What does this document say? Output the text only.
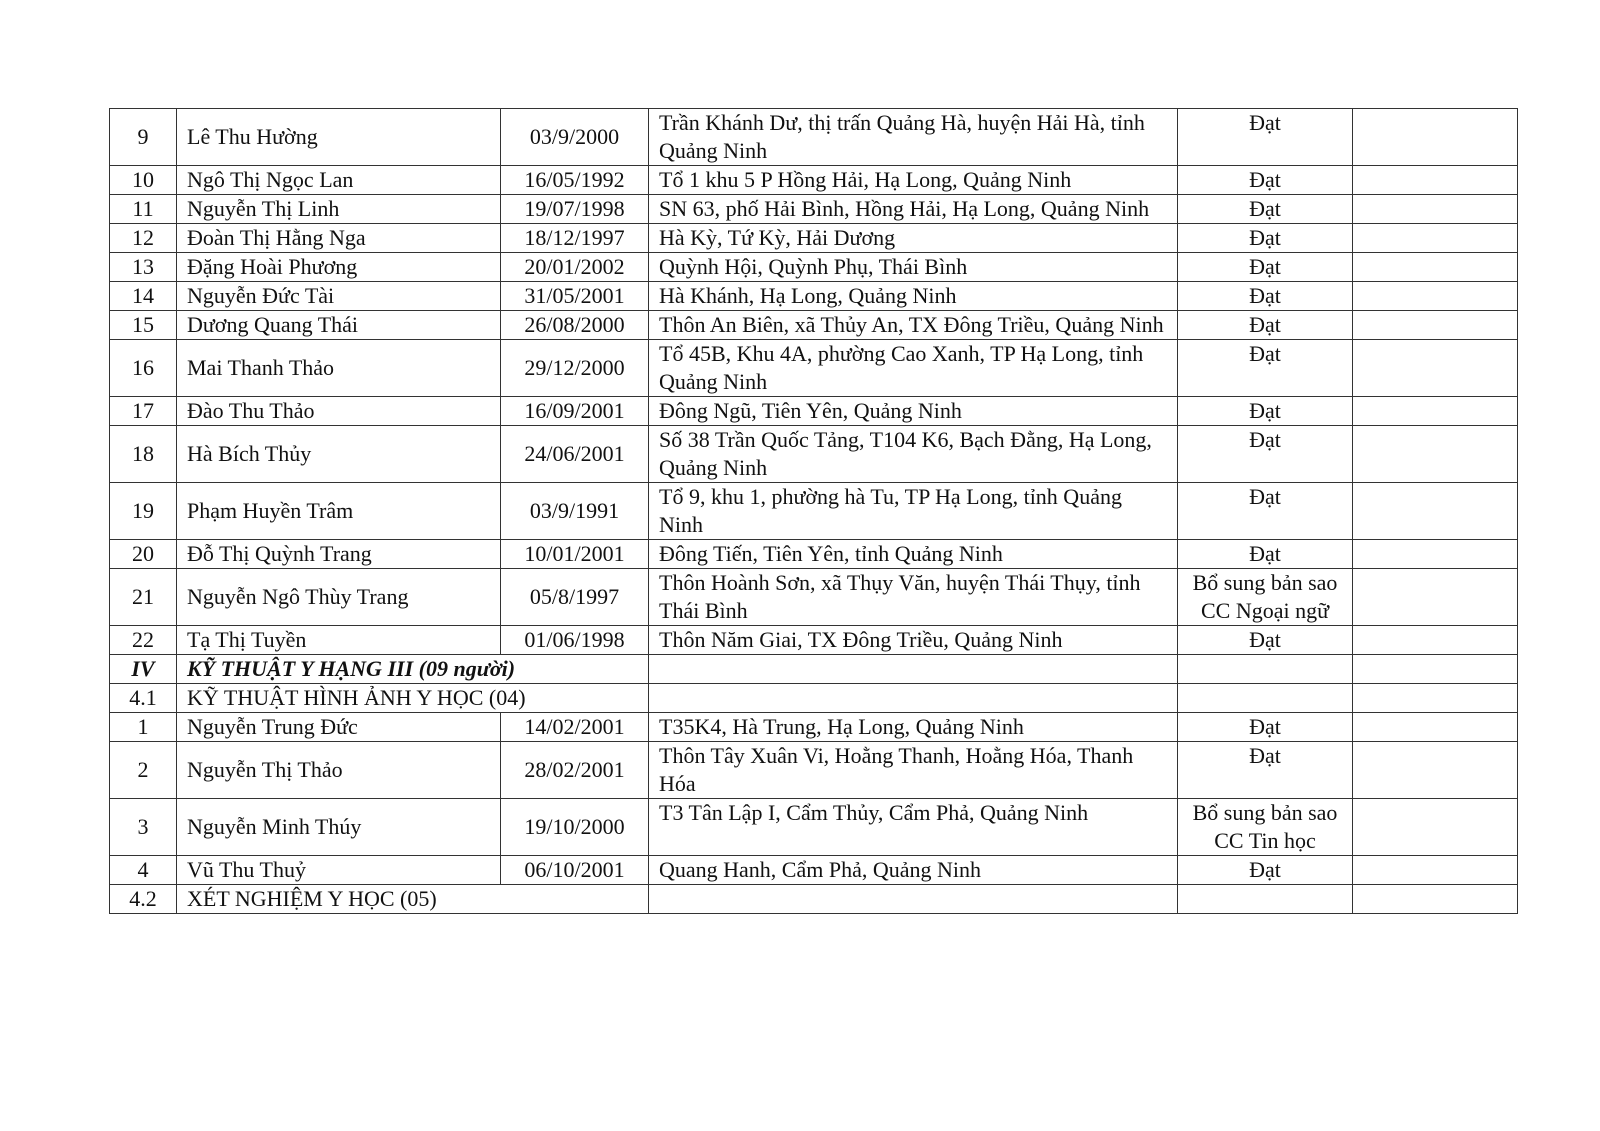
9	Lê Thu Hường	03/9/2000	Trần Khánh Dư, thị trấn Quảng Hà, huyện Hải Hà, tỉnh Quảng Ninh	Đạt	
10	Ngô Thị Ngọc Lan	16/05/1992	Tổ 1 khu 5 P Hồng Hải, Hạ Long, Quảng Ninh	Đạt	
11	Nguyễn Thị Linh	19/07/1998	SN 63, phố Hải Bình, Hồng Hải, Hạ Long, Quảng Ninh	Đạt	
12	Đoàn Thị Hằng Nga	18/12/1997	Hà Kỳ, Tứ Kỳ, Hải Dương	Đạt	
13	Đặng Hoài Phương	20/01/2002	Quỳnh Hội, Quỳnh Phụ, Thái Bình	Đạt	
14	Nguyễn Đức Tài	31/05/2001	Hà Khánh, Hạ Long, Quảng Ninh	Đạt	
15	Dương Quang Thái	26/08/2000	Thôn An Biên, xã Thủy An, TX Đông Triều, Quảng Ninh	Đạt	
16	Mai Thanh Thảo	29/12/2000	Tổ 45B, Khu 4A, phường Cao Xanh, TP Hạ Long, tỉnh Quảng Ninh	Đạt	
17	Đào Thu Thảo	16/09/2001	Đông Ngũ, Tiên Yên, Quảng Ninh	Đạt	
18	Hà Bích Thủy	24/06/2001	Số 38 Trần Quốc Tảng, T104 K6, Bạch Đằng, Hạ Long, Quảng Ninh	Đạt	
19	Phạm Huyền Trâm	03/9/1991	Tổ 9, khu 1, phường hà Tu, TP Hạ Long, tỉnh Quảng Ninh	Đạt	
20	Đỗ Thị Quỳnh Trang	10/01/2001	Đông Tiến, Tiên Yên, tỉnh Quảng Ninh	Đạt	
21	Nguyễn Ngô Thùy Trang	05/8/1997	Thôn Hoành Sơn, xã Thụy Văn, huyện Thái Thụy, tỉnh Thái Bình	Bổ sung bản sao CC Ngoại ngữ	
22	Tạ Thị Tuyền	01/06/1998	Thôn Năm Giai, TX Đông Triều, Quảng Ninh	Đạt	
IV	KỸ THUẬT Y HẠNG III (09 người)				
4.1	KỸ THUẬT HÌNH ẢNH Y HỌC (04)				
1	Nguyễn Trung Đức	14/02/2001	T35K4, Hà Trung, Hạ Long, Quảng Ninh	Đạt	
2	Nguyễn Thị Thảo	28/02/2001	Thôn Tây Xuân Vi, Hoằng Thanh, Hoằng Hóa, Thanh Hóa	Đạt	
3	Nguyễn Minh Thúy	19/10/2000	T3 Tân Lập I, Cẩm Thủy, Cẩm Phả, Quảng Ninh	Bổ sung bản sao CC Tin học	
4	Vũ Thu Thuỷ	06/10/2001	Quang Hanh, Cẩm Phả, Quảng Ninh	Đạt	
4.2	XÉT NGHIỆM Y HỌC (05)				
